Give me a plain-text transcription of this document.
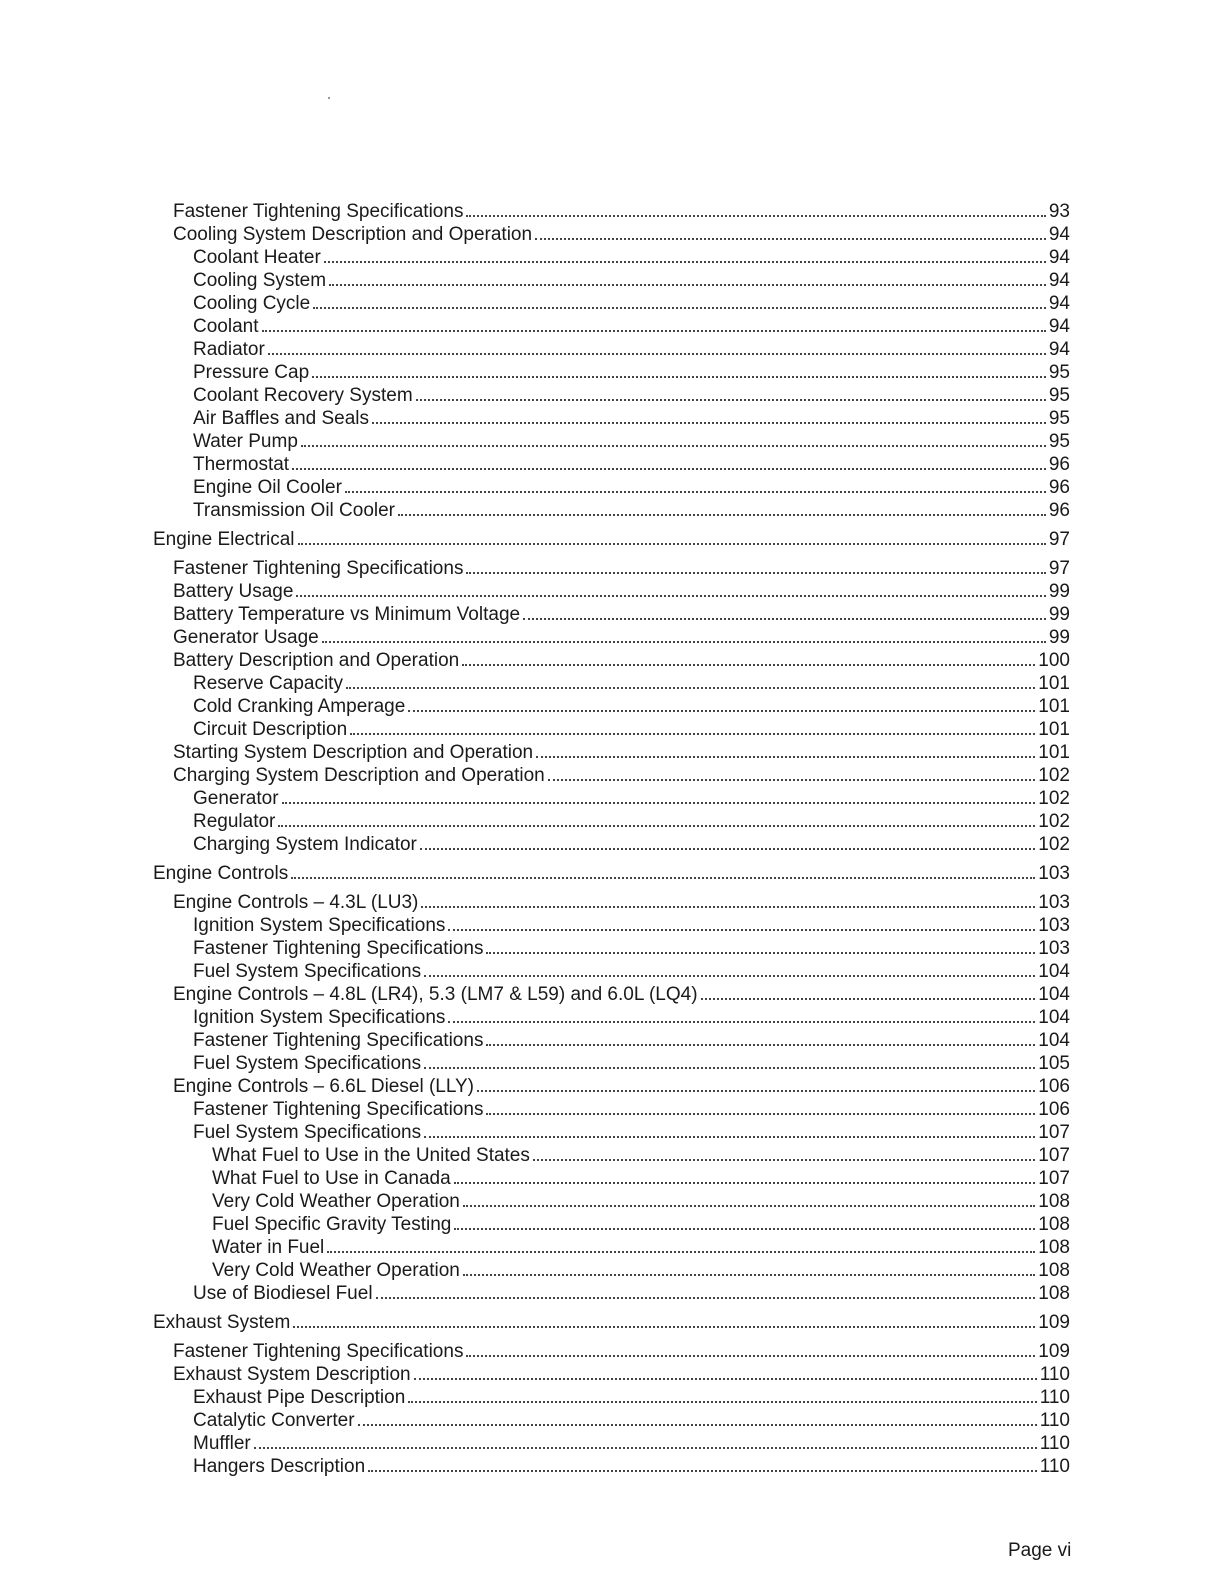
Fastener Tightening Specifications	93
Cooling System Description and Operation	94
Coolant Heater	94
Cooling System	94
Cooling Cycle	94
Coolant	94
Radiator	94
Pressure Cap	95
Coolant Recovery System	95
Air Baffles and Seals	95
Water Pump	95
Thermostat	96
Engine Oil Cooler	96
Transmission Oil Cooler	96
Engine Electrical	97
Fastener Tightening Specifications	97
Battery Usage	99
Battery Temperature vs Minimum Voltage	99
Generator Usage	99
Battery Description and Operation	100
Reserve Capacity	101
Cold Cranking Amperage	101
Circuit Description	101
Starting System Description and Operation	101
Charging System Description and Operation	102
Generator	102
Regulator	102
Charging System Indicator	102
Engine Controls	103
Engine Controls – 4.3L (LU3)	103
Ignition System Specifications	103
Fastener Tightening Specifications	103
Fuel System Specifications	104
Engine Controls – 4.8L (LR4), 5.3 (LM7 & L59) and 6.0L (LQ4)	104
Ignition System Specifications	104
Fastener Tightening Specifications	104
Fuel System Specifications	105
Engine Controls – 6.6L Diesel (LLY)	106
Fastener Tightening Specifications	106
Fuel System Specifications	107
What Fuel to Use in the United States	107
What Fuel to Use in Canada	107
Very Cold Weather Operation	108
Fuel Specific Gravity Testing	108
Water in Fuel	108
Very Cold Weather Operation	108
Use of Biodiesel Fuel	108
Exhaust System	109
Fastener Tightening Specifications	109
Exhaust System Description	110
Exhaust Pipe Description	110
Catalytic Converter	110
Muffler	110
Hangers Description	110
Page vi
